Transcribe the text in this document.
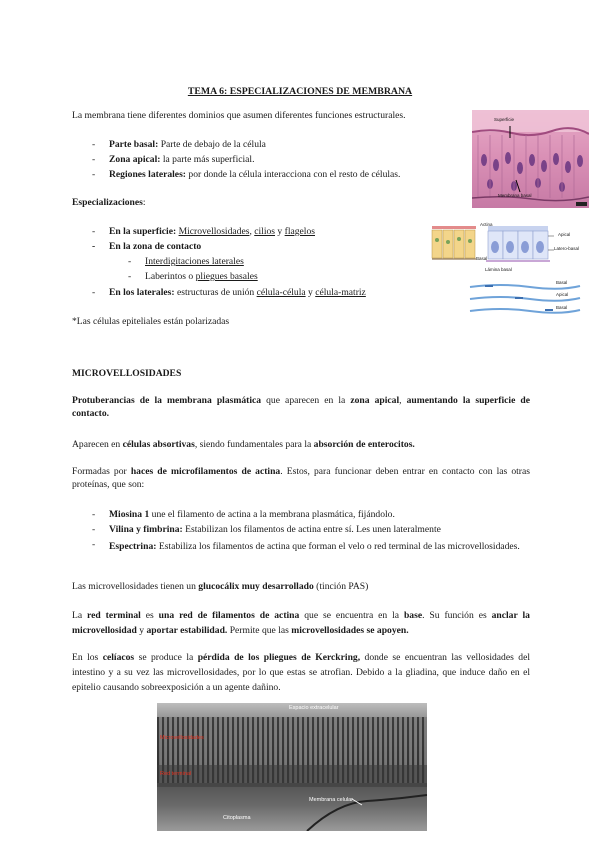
TEMA 6: ESPECIALIZACIONES DE MEMBRANA
La membrana tiene diferentes dominios que asumen diferentes funciones estructurales.
- Parte basal: Parte de debajo de la célula
- Zona apical: la parte más superficial.
- Regiones laterales: por donde la célula interacciona con el resto de células.
Especializaciones:
- En la superficie: Microvellosidades, cilios y flagelos
- En la zona de contacto
- Interdigitaciones laterales
- Laberintos o pliegues basales
- En los laterales: estructuras de unión célula-célula y célula-matriz
*Las células epiteliales están polarizadas
MICROVELLOSIDADES
Protuberancias de la membrana plasmática que aparecen en la zona apical, aumentando la superficie de contacto.
Aparecen en células absortivas, siendo fundamentales para la absorción de enterocitos.
Formadas por haces de microfilamentos de actina. Estos, para funcionar deben entrar en contacto con las otras proteínas, que son:
- Miosina 1 une el filamento de actina a la membrana plasmática, fijándolo.
- Vilina y fimbrina: Estabilizan los filamentos de actina entre sí. Les unen lateralmente
- Espectrina: Estabiliza los filamentos de actina que forman el velo o red terminal de las microvellosidades.
Las microvellosidades tienen un glucocálix muy desarrollado (tinción PAS)
La red terminal es una red de filamentos de actina que se encuentra en la base. Su función es anclar la microvellosidad y aportar estabilidad. Permite que las microvellosidades se apoyen.
En los celíacos se produce la pérdida de los pliegues de Kerckring, donde se encuentran las vellosidades del intestino y a su vez las microvellosidades, por lo que estas se atrofian. Debido a la gliadina, que induce daño en el epitelio causando sobreexposición a un agente dañino.
Superficie
Membrana basal
Actina
Apical
Latero-basal
Basal
Lámina basal
Basal
Apical
Basal
Espacio extracelular
Microvellosidades
Red terminal
Membrana celular
Citoplasma
